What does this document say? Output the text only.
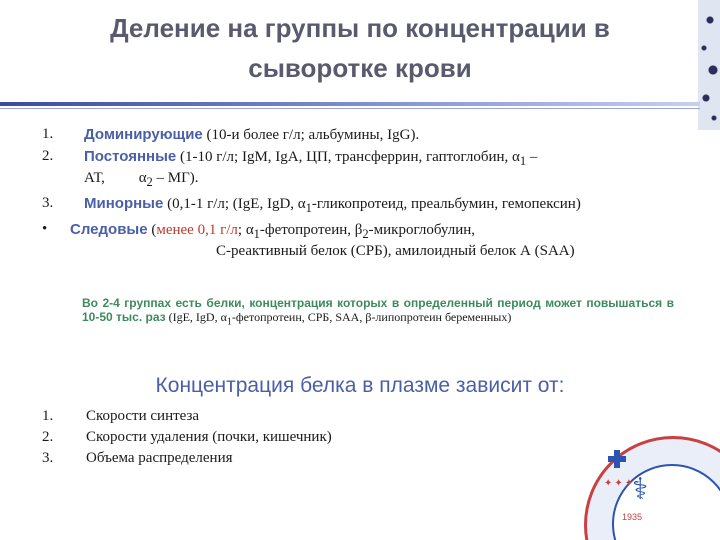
Деление на группы по концентрации в
сыворотке крови
1. Доминирующие (10-и более г/л; альбумины, IgG).
2. Постоянные (1-10 г/л; IgM, IgA, ЦП, трансферрин, гаптоглобин, $\alpha_1$ –
АТ,         $\alpha_2 - МГ$).
3. Минорные (0,1-1 г/л; (IgE, IgD, $\alpha_1$-гликопротеид, преальбумин, гемопексин)
• Следовые (менее 0,1 г/л; $\alpha_1$-фетопротеин, $\beta_2$-микроглобулин,
С-реактивный белок (СРБ), амилоидный белок А (SAA)
Во 2-4 группах есть белки, концентрация которых в определенный период может повышаться в 10-50 тыс. раз (IgE, IgD, $\alpha_1$-фетопротеин, СРБ, SAA, β-липопротеин беременных)
Концентрация белка в плазме зависит от:
1. Скорости синтеза
2. Скорости удаления (почки, кишечник)
3. Объема распределения
✦✦✦
⚕
1935
